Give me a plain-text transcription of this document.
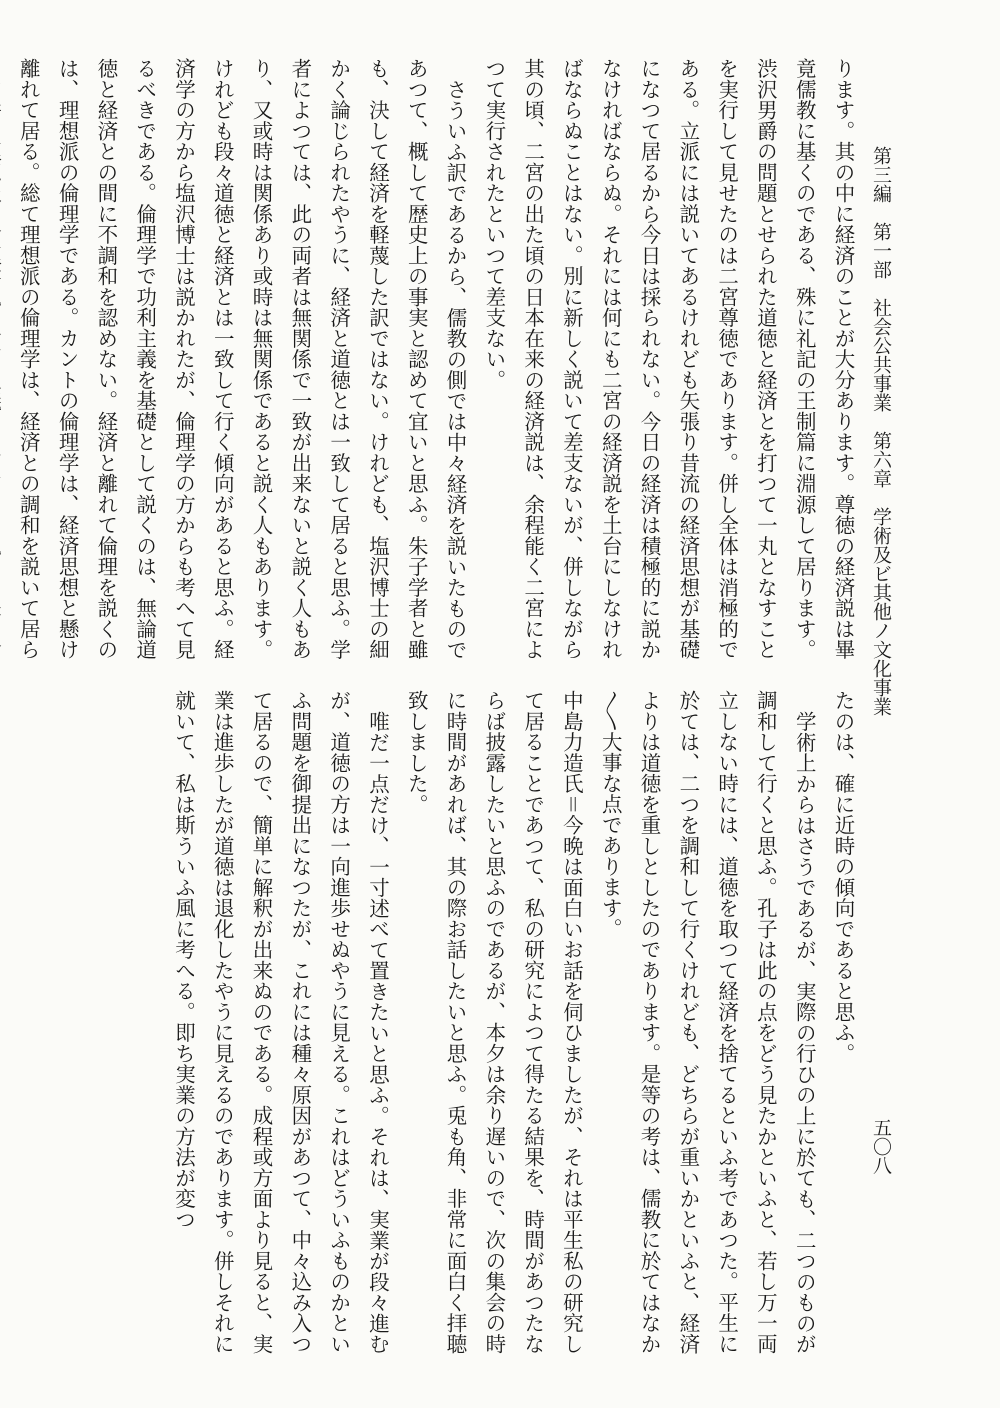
第三編　第一部　社会公共事業　第六章　学術及ビ其他ノ文化事業
五〇八

ります。其の中に経済のことが大分あります。尊徳の経済説は畢竟儒教に基くのである、殊に礼記の王制篇に淵源して居ります。渋沢男爵の問題とせられた道徳と経済とを打つて一丸となすことを実行して見せたのは二宮尊徳であります。併し全体は消極的である。立派には説いてあるけれども矢張り昔流の経済思想が基礎になつて居るから今日は採られない。今日の経済は積極的に説かなければならぬ。それには何にも二宮の経済説を土台にしなければならぬことはない。別に新しく説いて差支ないが、併しながら其の頃、二宮の出た頃の日本在来の経済説は、余程能く二宮によつて実行されたといつて差支ない。

さういふ訳であるから、儒教の側では中々経済を説いたものであつて、概して歴史上の事実と認めて宜いと思ふ。朱子学者と雖も、決して経済を軽蔑した訳ではない。けれども、塩沢博士の細かく論じられたやうに、経済と道徳とは一致して居ると思ふ。学者によつては、此の両者は無関係で一致が出来ないと説く人もあり、又或時は関係あり或時は無関係であると説く人もあります。けれども段々道徳と経済とは一致して行く傾向があると思ふ。経済学の方から塩沢博士は説かれたが、倫理学の方からも考へて見るべきである。倫理学で功利主義を基礎として説くのは、無論道徳と経済との間に不調和を認めない。経済と離れて倫理を説くのは、理想派の倫理学である。カントの倫理学は、経済思想と懸け離れて居る。総て理想派の倫理学は、経済との調和を説いて居ら

たのは、確に近時の傾向であると思ふ。

学術上からはさうであるが、実際の行ひの上に於ても、二つのものが調和して行くと思ふ。孔子は此の点をどう見たかといふと、若し万一両立しない時には、道徳を取つて経済を捨てるといふ考であつた。平生に於ては、二つを調和して行くけれども、どちらが重いかといふと、経済よりは道徳を重しとしたのであります。是等の考は、儒教に於てはなか〳〵大事な点であります。

中島力造氏＝今晩は面白いお話を伺ひましたが、それは平生私の研究して居ることであつて、私の研究によつて得たる結果を、時間があつたならば披露したいと思ふのであるが、本夕は余り遅いので、次の集会の時に時間があれば、其の際お話したいと思ふ。兎も角、非常に面白く拝聴致しました。

唯だ一点だけ、一寸述べて置きたいと思ふ。それは、実業が段々進むが、道徳の方は一向進歩せぬやうに見える。これはどういふものかといふ問題を御提出になつたが、これには種々原因があつて、中々込み入つて居るので、簡単に解釈が出来ぬのである。成程或方面より見ると、実業は進歩したが道徳は退化したやうに見えるのであります。併しそれに就いて、私は斯ういふ風に考へる。即ち実業の方法が変つ
